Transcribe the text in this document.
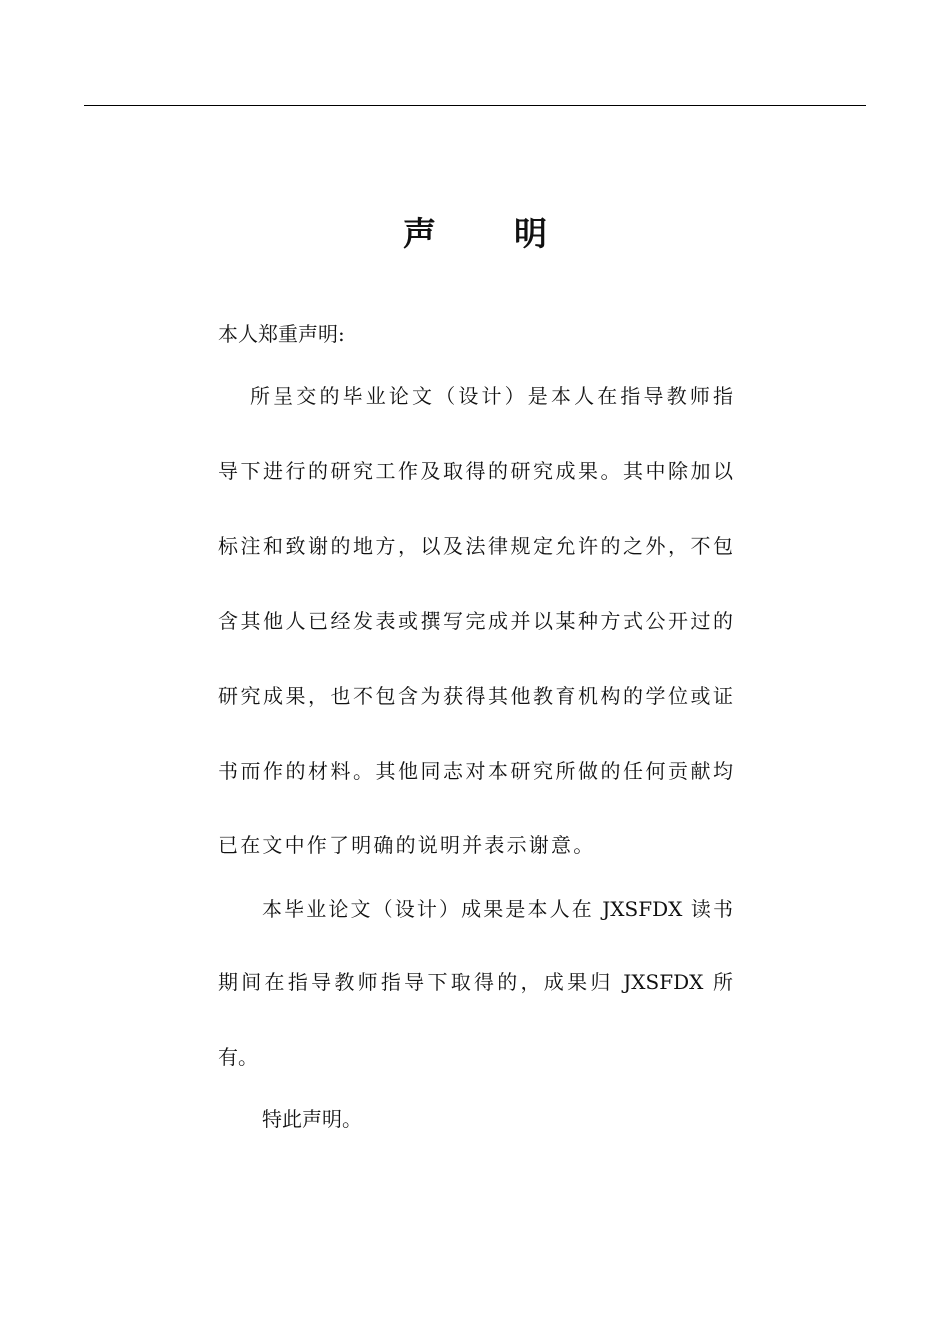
声 明
本人郑重声明:
所呈交的毕业论文（设计）是本人在指导教师指
导下进行的研究工作及取得的研究成果。其中除加以
标注和致谢的地方，以及法律规定允许的之外，不包
含其他人已经发表或撰写完成并以某种方式公开过的
研究成果，也不包含为获得其他教育机构的学位或证
书而作的材料。其他同志对本研究所做的任何贡献均
已在文中作了明确的说明并表示谢意。
本毕业论文（设计）成果是本人在 JXSFDX 读书
期间在指导教师指导下取得的，成果归 JXSFDX 所
有。
特此声明。
